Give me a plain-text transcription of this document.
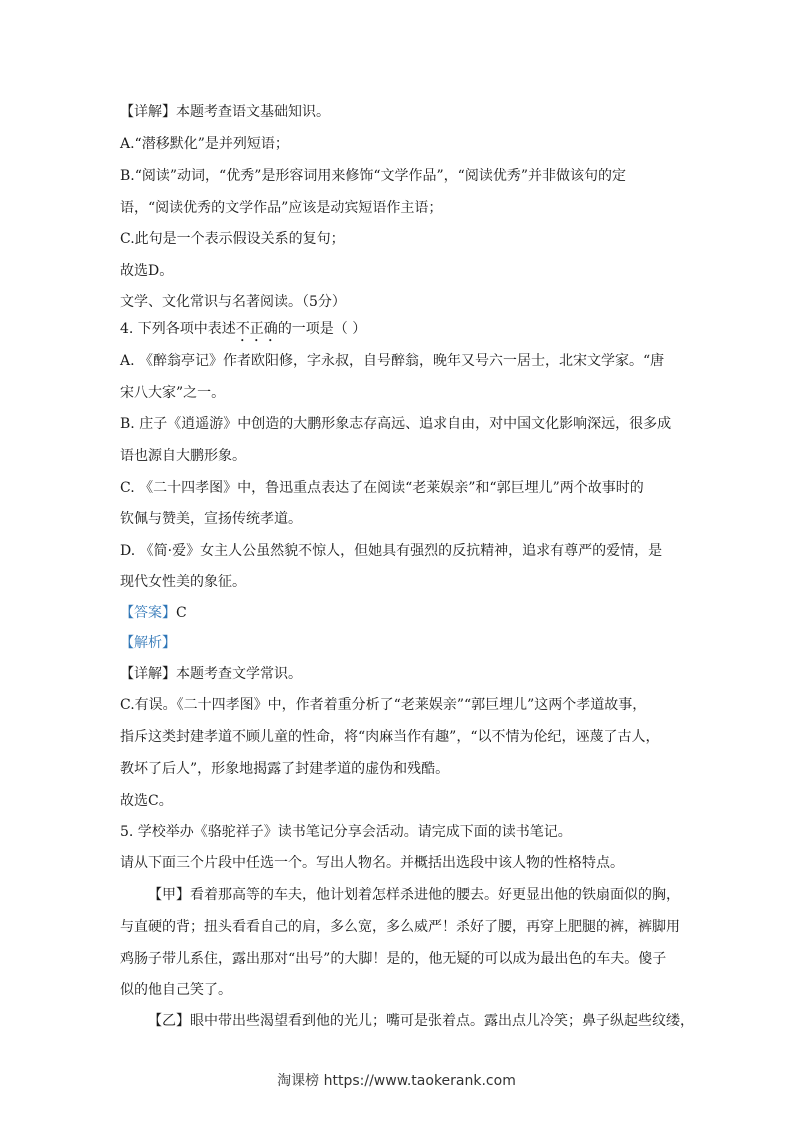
【详解】本题考查语文基础知识。
A.“潜移默化”是并列短语；
B.“阅读”动词，“优秀”是形容词用来修饰“文学作品”，“阅读优秀”并非做该句的定
语，“阅读优秀的文学作品”应该是动宾短语作主语；
C.此句是一个表示假设关系的复句；
故选D。
文学、文化常识与名著阅读。（5分）
4. 下列各项中表述不正确的一项是（ ）
A. 《醉翁亭记》作者欧阳修，字永叔，自号醉翁，晚年又号六一居士，北宋文学家。“唐
宋八大家”之一。
B. 庄子《逍遥游》中创造的大鹏形象志存高远、追求自由，对中国文化影响深远，很多成
语也源自大鹏形象。
C. 《二十四孝图》中，鲁迅重点表达了在阅读“老莱娱亲”和“郭巨埋儿”两个故事时的
钦佩与赞美，宣扬传统孝道。
D. 《简·爱》女主人公虽然貌不惊人，但她具有强烈的反抗精神，追求有尊严的爱情，是
现代女性美的象征。
【答案】C
【解析】
【详解】本题考查文学常识。
C.有误。《二十四孝图》中，作者着重分析了“老莱娱亲”“郭巨埋儿”这两个孝道故事，
指斥这类封建孝道不顾儿童的性命，将“肉麻当作有趣”，“以不情为伦纪，诬蔑了古人，
教坏了后人”，形象地揭露了封建孝道的虚伪和残酷。
故选C。
5. 学校举办《骆驼祥子》读书笔记分享会活动。请完成下面的读书笔记。
请从下面三个片段中任选一个。写出人物名。并概括出选段中该人物的性格特点。
【甲】看着那高等的车夫，他计划着怎样杀进他的腰去。好更显出他的铁扇面似的胸，
与直硬的背；扭头看看自己的肩，多么宽，多么威严！杀好了腰，再穿上肥腿的裤，裤脚用
鸡肠子带儿系住，露出那对“出号”的大脚！是的，他无疑的可以成为最出色的车夫。傻子
似的他自己笑了。
【乙】眼中带出些渴望看到他的光儿；嘴可是张着点。露出点儿冷笑；鼻子纵起些纹缕，
淘课榜 https://www.taokerank.com
